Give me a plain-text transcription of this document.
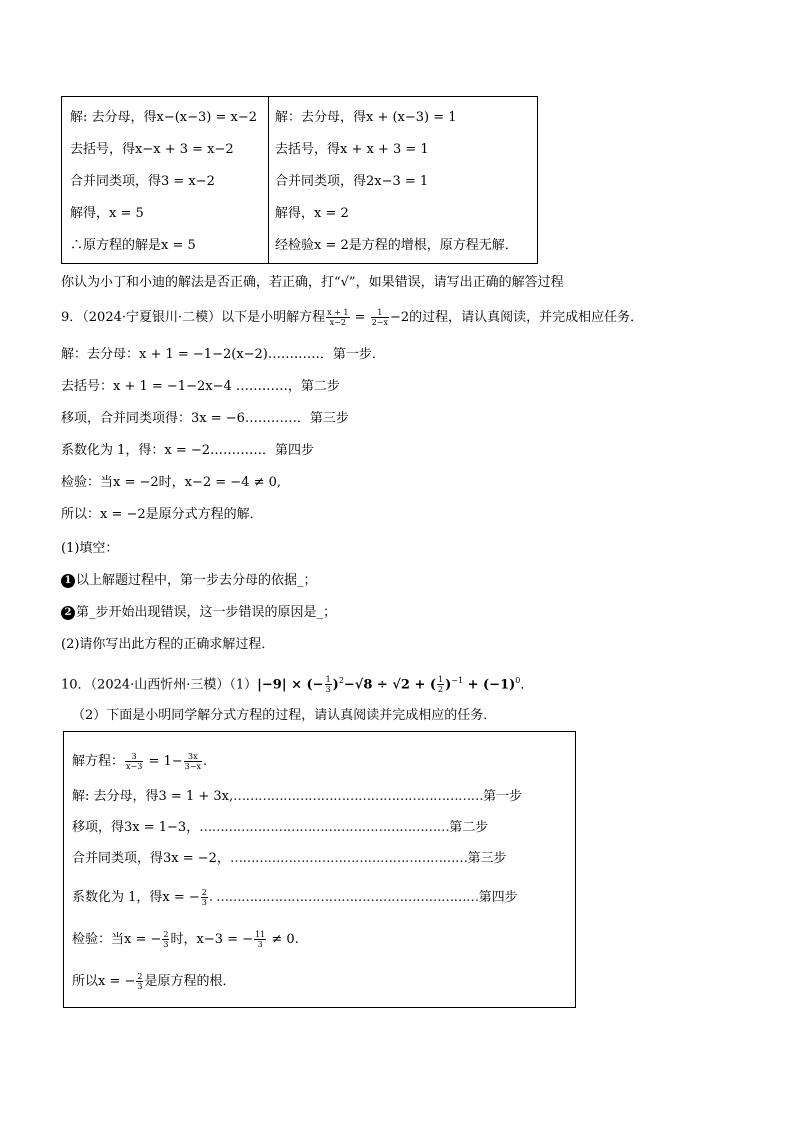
解: 去分母，得x−(x−3) = x−2
去括号，得x−x + 3 = x−2
合并同类项，得3 = x−2
解得，x = 5
∴原方程的解是x = 5
解：去分母，得x + (x−3) = 1
去括号，得x + x + 3 = 1
合并同类项，得2x−3 = 1
解得，x = 2
经检验x = 2是方程的增根，原方程无解．
你认为小丁和小迪的解法是否正确，若正确，打“√”，如果错误，请写出正确的解答过程
9．（2024·宁夏银川·二模）以下是小明解方程 $\frac{x + 1}{x-2} = \frac{1}{2-x} -2$的过程，请认真阅读，并完成相应任务．
解：去分母：x + 1 = −1−2(x−2)…………．第一步．
去括号：x + 1 = −1−2x−4 …………，第二步
移项，合并同类项得：3x = −6…………．第三步
系数化为 1，得：x = −2…………．第四步
检验：当x = −2时，x−2 = −4 ≠ 0,
所以：x = −2是原分式方程的解．
(1)填空：
1 以上解题过程中，第一步去分母的依据_；
2 第_步开始出现错误，这一步错误的原因是_；
(2)请你写出此方程的正确求解过程．
10．（2024·山西忻州·三模）（1）|−9| × (− $\frac{1}{3} )^2-√8 \div √2$ + ( $\frac{1}{2} )^{-1} + (-1)^0$．
（2）下面是小明同学解分式方程的过程，请认真阅读并完成相应的任务．
解方程： $\frac{3}{x-3} = 1- \frac{3x}{3-x}$ .
解: 去分母，得3 = 1 + 3x,……………………………………………………第一步
移项，得3x = 1−3，……………………………………………………第二步
合并同类项，得3x = −2，…………………………………………………第三步
系数化为 1，得x = − $\frac{2}{3}$ . ………………………………………………………第四步
检验：当x = − $\frac{2}{3}$ 时，x−3 = − $\frac{11}{3} \ne 0$.
所以x = − $\frac{2}{3}$ 是原方程的根．
